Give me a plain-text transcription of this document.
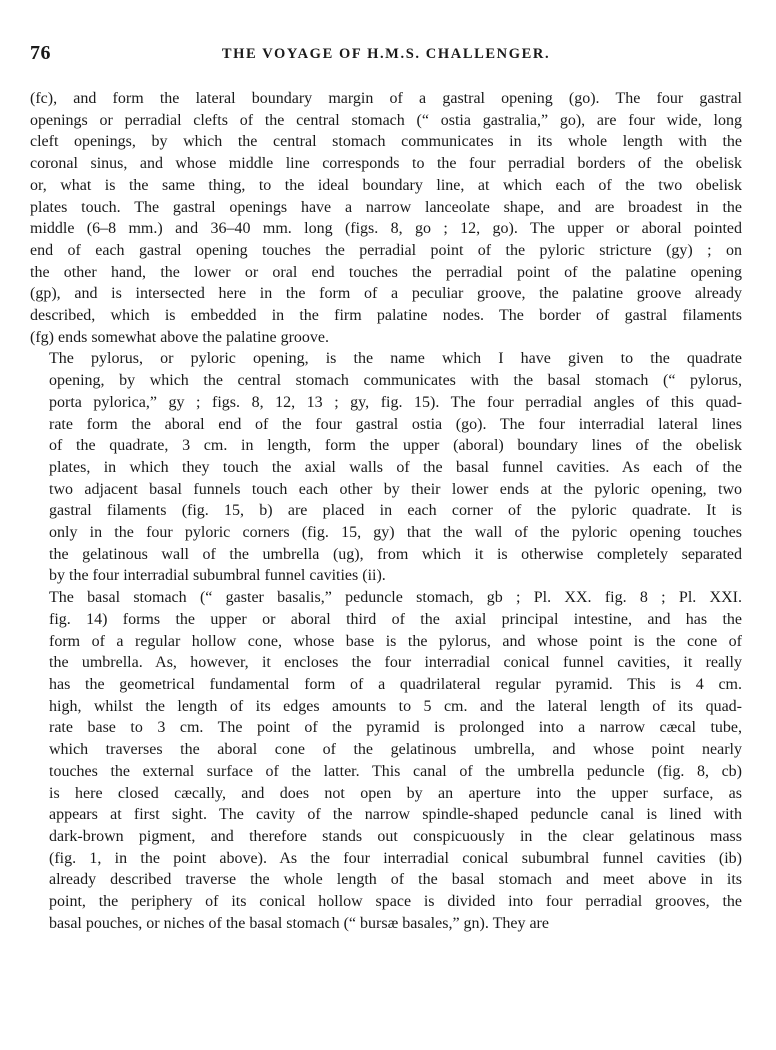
76	THE VOYAGE OF H.M.S. CHALLENGER.

(fc), and form the lateral boundary margin of a gastral opening (go). The four gastral
openings or perradial clefts of the central stomach (“ ostia gastralia,” go), are four wide, long
cleft openings, by which the central stomach communicates in its whole length with the
coronal sinus, and whose middle line corresponds to the four perradial borders of the obelisk
or, what is the same thing, to the ideal boundary line, at which each of the two obelisk
plates touch. The gastral openings have a narrow lanceolate shape, and are broadest in the
middle (6–8 mm.) and 36–40 mm. long (figs. 8, go ; 12, go). The upper or aboral pointed
end of each gastral opening touches the perradial point of the pyloric stricture (gy) ; on
the other hand, the lower or oral end touches the perradial point of the palatine opening
(gp), and is intersected here in the form of a peculiar groove, the palatine groove already
described, which is embedded in the firm palatine nodes. The border of gastral filaments
(fg) ends somewhat above the palatine groove.

The pylorus, or pyloric opening, is the name which I have given to the quadrate
opening, by which the central stomach communicates with the basal stomach (“ pylorus,
porta pylorica,” gy ; figs. 8, 12, 13 ; gy, fig. 15). The four perradial angles of this quad-
rate form the aboral end of the four gastral ostia (go). The four interradial lateral lines
of the quadrate, 3 cm. in length, form the upper (aboral) boundary lines of the obelisk
plates, in which they touch the axial walls of the basal funnel cavities. As each of the
two adjacent basal funnels touch each other by their lower ends at the pyloric opening, two
gastral filaments (fig. 15, b) are placed in each corner of the pyloric quadrate. It is
only in the four pyloric corners (fig. 15, gy) that the wall of the pyloric opening touches
the gelatinous wall of the umbrella (ug), from which it is otherwise completely separated
by the four interradial subumbral funnel cavities (ii).

The basal stomach (“ gaster basalis,” peduncle stomach, gb ; Pl. XX. fig. 8 ; Pl. XXI.
fig. 14) forms the upper or aboral third of the axial principal intestine, and has the
form of a regular hollow cone, whose base is the pylorus, and whose point is the cone of
the umbrella. As, however, it encloses the four interradial conical funnel cavities, it really
has the geometrical fundamental form of a quadrilateral regular pyramid. This is 4 cm.
high, whilst the length of its edges amounts to 5 cm. and the lateral length of its quad-
rate base to 3 cm. The point of the pyramid is prolonged into a narrow cæcal tube,
which traverses the aboral cone of the gelatinous umbrella, and whose point nearly
touches the external surface of the latter. This canal of the umbrella peduncle (fig. 8, cb)
is here closed cæcally, and does not open by an aperture into the upper surface, as
appears at first sight. The cavity of the narrow spindle-shaped peduncle canal is lined with
dark-brown pigment, and therefore stands out conspicuously in the clear gelatinous mass
(fig. 1, in the point above). As the four interradial conical subumbral funnel cavities (ib)
already described traverse the whole length of the basal stomach and meet above in its
point, the periphery of its conical hollow space is divided into four perradial grooves, the
basal pouches, or niches of the basal stomach (“ bursæ basales,” gn). They are
